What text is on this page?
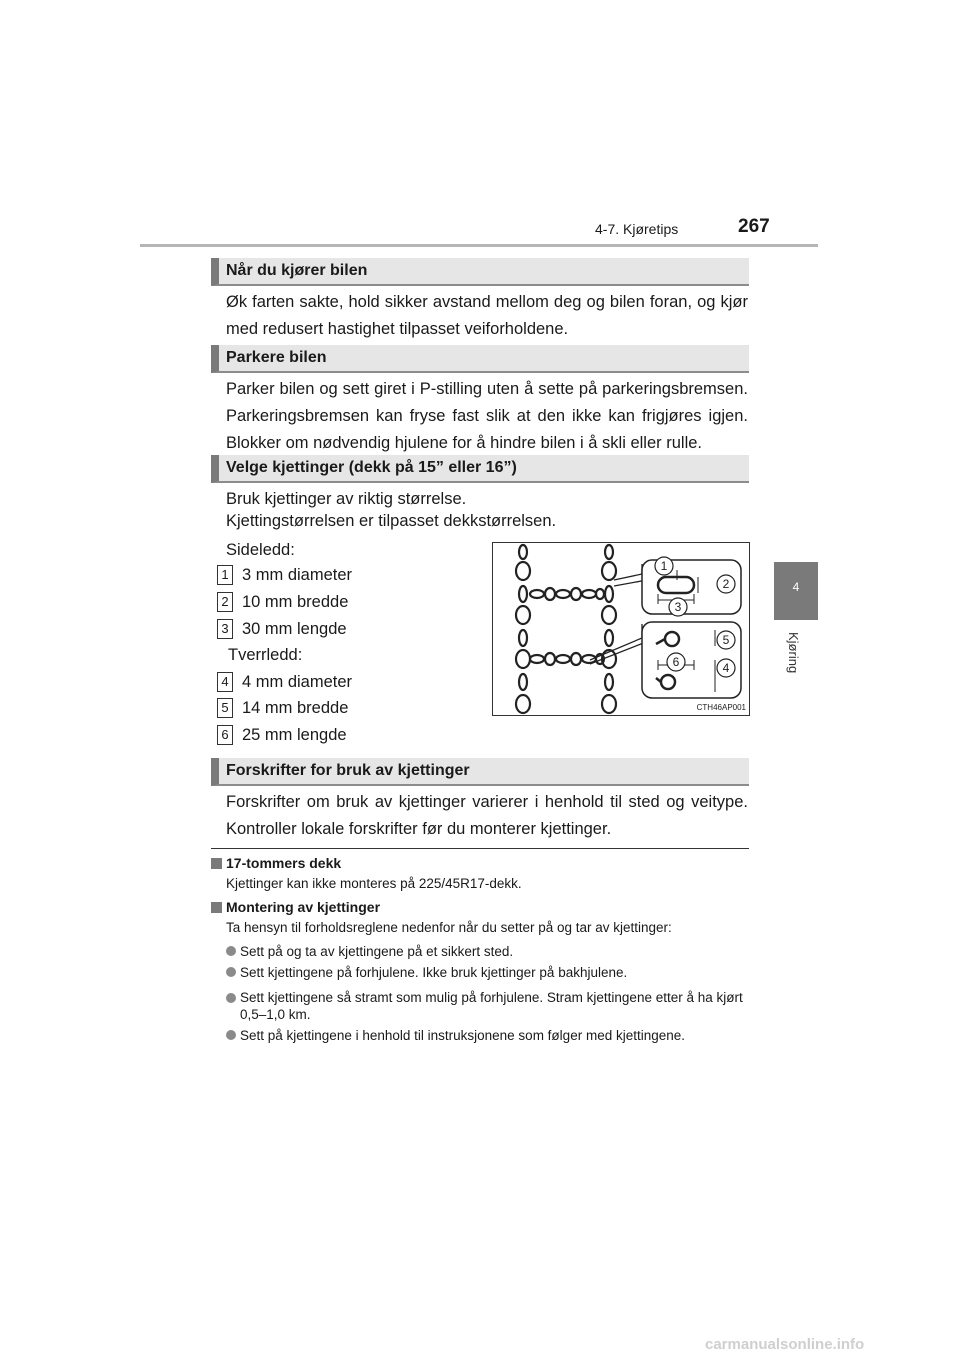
4-7. Kjøretips	267
4
Kjøring
Når du kjører bilen
Øk farten sakte, hold sikker avstand mellom deg og bilen foran, og kjør med redusert hastighet tilpasset veiforholdene.
Parkere bilen
Parker bilen og sett giret i P-stilling uten å sette på parkeringsbremsen. Parkeringsbremsen kan fryse fast slik at den ikke kan frigjøres igjen. Blokker om nødvendig hjulene for å hindre bilen i å skli eller rulle.
Velge kjettinger (dekk på 15” eller 16”)
Bruk kjettinger av riktig størrelse.
Kjettingstørrelsen er tilpasset dekkstørrelsen.
Sideledd:
1 3 mm diameter
2 10 mm bredde
3 30 mm lengde
Tverrledd:
4 4 mm diameter
5 14 mm bredde
6 25 mm lengde
1
2
3
4
5
6
CTH46AP001
Forskrifter for bruk av kjettinger
Forskrifter om bruk av kjettinger varierer i henhold til sted og veitype. Kontroller lokale forskrifter før du monterer kjettinger.
17-tommers dekk
Kjettinger kan ikke monteres på 225/45R17-dekk.
Montering av kjettinger
Ta hensyn til forholdsreglene nedenfor når du setter på og tar av kjettinger:
Sett på og ta av kjettingene på et sikkert sted.
Sett kjettingene på forhjulene. Ikke bruk kjettinger på bakhjulene.
Sett kjettingene så stramt som mulig på forhjulene. Stram kjettingene etter å ha kjørt 0,5–1,0 km.
Sett på kjettingene i henhold til instruksjonene som følger med kjettingene.
carmanualsonline.info
